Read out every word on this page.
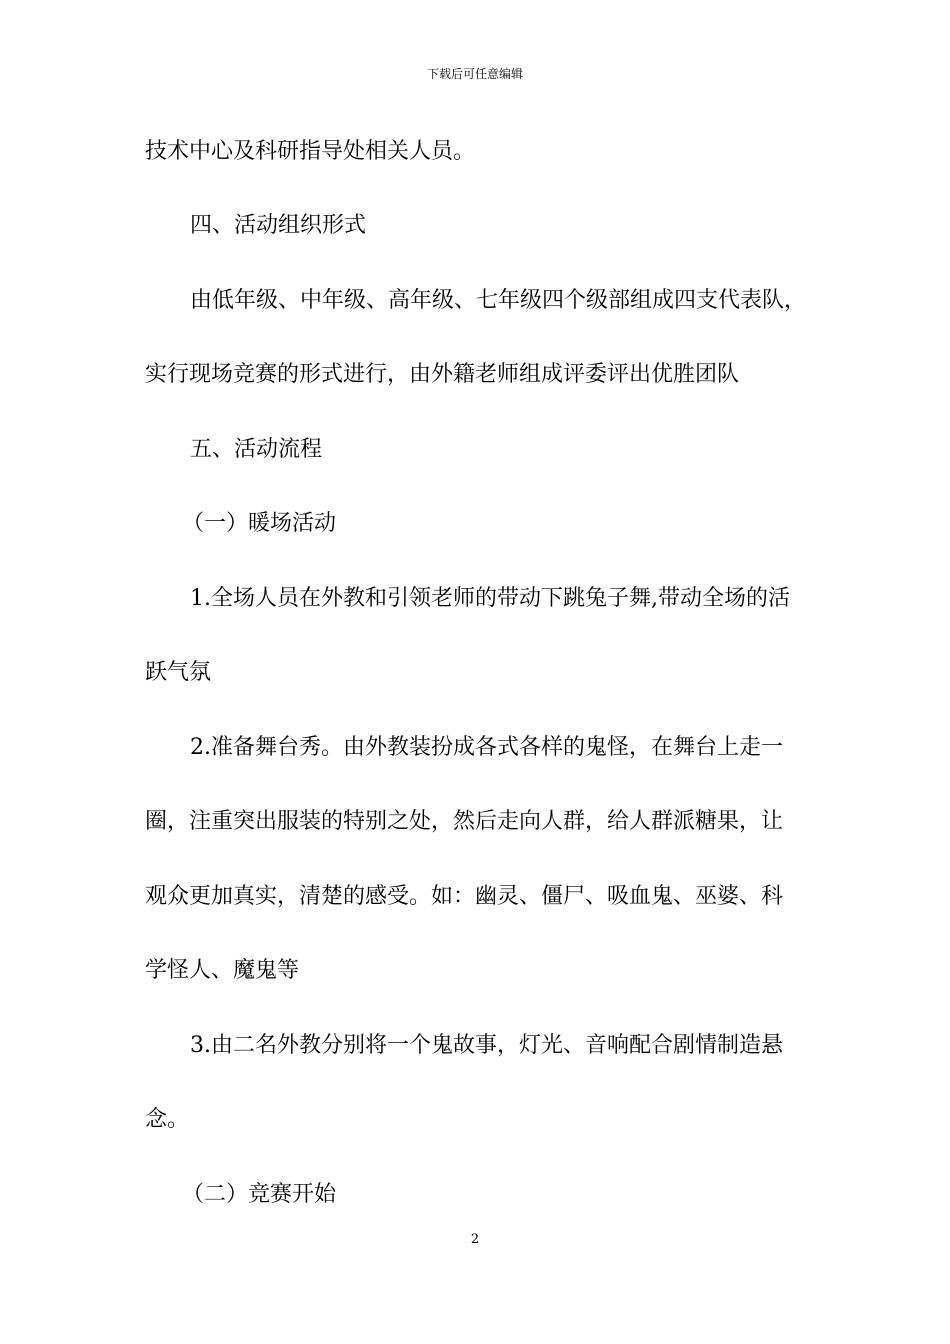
下载后可任意编辑
技术中心及科研指导处相关人员。
四、活动组织形式
由低年级、中年级、高年级、七年级四个级部组成四支代表队，
实行现场竞赛的形式进行，由外籍老师组成评委评出优胜团队
五、活动流程
（一）暖场活动
1.全场人员在外教和引领老师的带动下跳兔子舞,带动全场的活
跃气氛
2.准备舞台秀。由外教装扮成各式各样的鬼怪，在舞台上走一
圈，注重突出服装的特别之处，然后走向人群，给人群派糖果，让
观众更加真实，清楚的感受。如：幽灵、僵尸、吸血鬼、巫婆、科
学怪人、魔鬼等
3.由二名外教分别将一个鬼故事，灯光、音响配合剧情制造悬
念。
（二）竞赛开始
2
